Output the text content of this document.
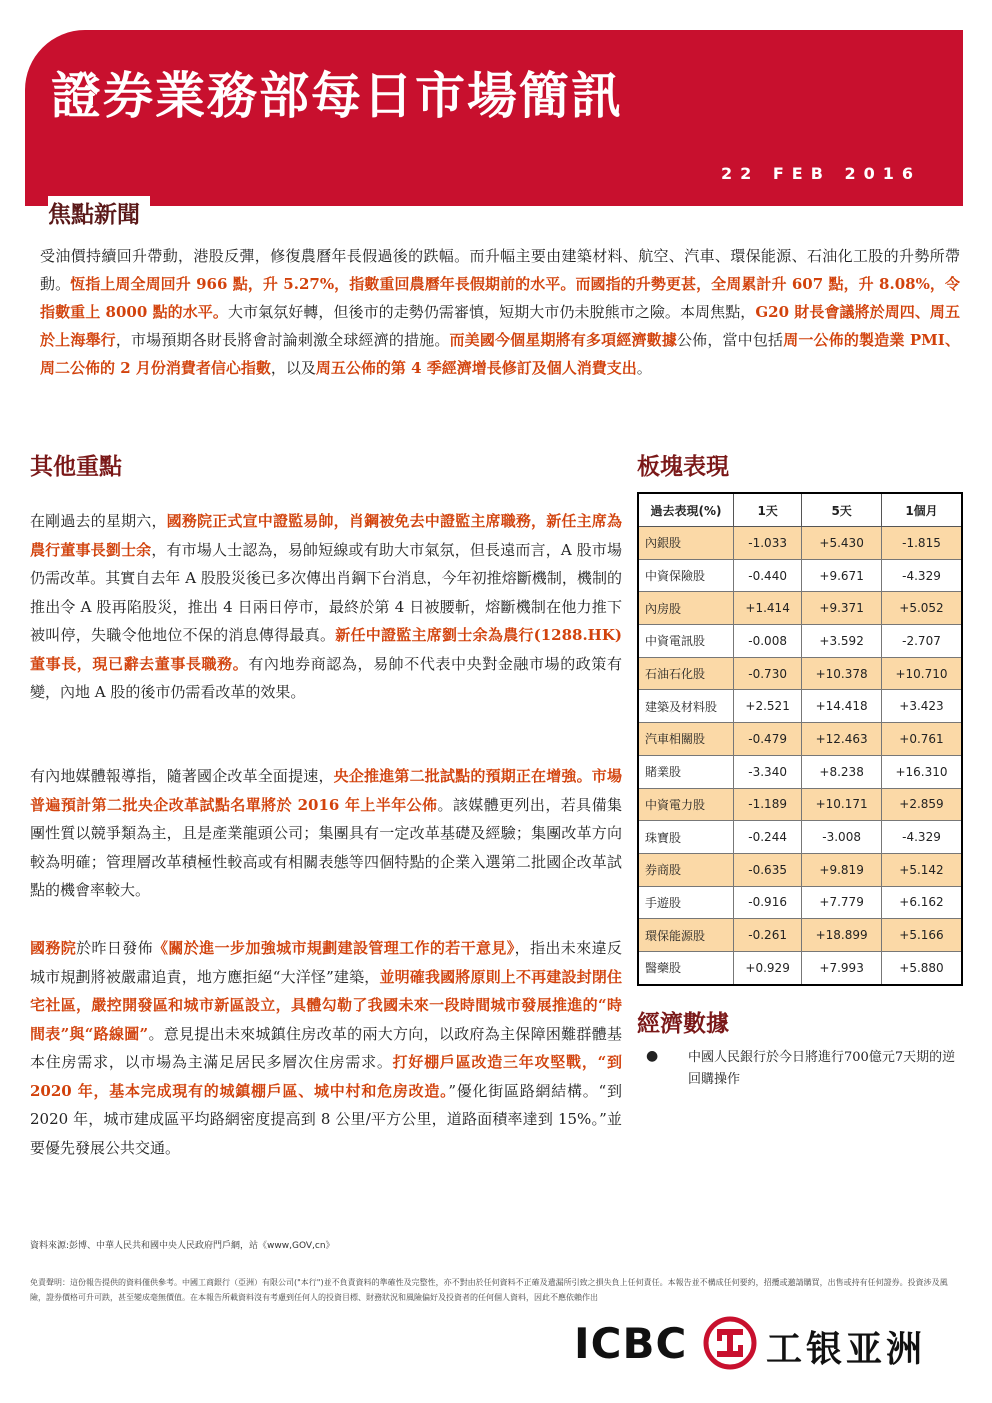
證券業務部每日市場簡訊
22 FEB 2016
焦點新聞

受油價持續回升帶動，港股反彈，修復農曆年長假過後的跌幅。而升幅主要由建築材料、航空、汽車、環保能源、石油化工股的升勢所帶動。恆指上周全周回升 966 點，升 5.27%，指數重回農曆年長假期前的水平。而國指的升勢更甚，全周累計升 607 點，升 8.08%，令指數重上 8000 點的水平。大市氣氛好轉，但後市的走勢仍需審慎，短期大市仍未脫熊市之險。本周焦點，G20 財長會議將於周四、周五於上海舉行，市場預期各財長將會討論刺激全球經濟的措施。而美國今個星期將有多項經濟數據公佈，當中包括周一公佈的製造業 PMI、周二公佈的 2 月份消費者信心指數，以及周五公佈的第 4 季經濟增長修訂及個人消費支出。

其他重點

在剛過去的星期六，國務院正式宣中證監易帥，肖鋼被免去中證監主席職務，新任主席為農行董事長劉士余，有市場人士認為，易帥短線或有助大市氣氛，但長遠而言，A 股市場仍需改革。其實自去年 A 股股災後已多次傳出肖鋼下台消息，今年初推熔斷機制，機制的推出令 A 股再陷股災，推出 4 日兩日停市，最終於第 4 日被腰斬，熔斷機制在他力推下被叫停，失職令他地位不保的消息傳得最真。新任中證監主席劉士余為農行(1288.HK)董事長，現已辭去董事長職務。有內地券商認為，易帥不代表中央對金融市場的政策有變，內地 A 股的後市仍需看改革的效果。

有內地媒體報導指，隨著國企改革全面提速，央企推進第二批試點的預期正在增強。市場普遍預計第二批央企改革試點名單將於 2016 年上半年公佈。該媒體更列出，若具備集團性質以競爭類為主，且是產業龍頭公司；集團具有一定改革基礎及經驗；集團改革方向較為明確；管理層改革積極性較高或有相關表態等四個特點的企業入選第二批國企改革試點的機會率較大。

國務院於昨日發佈《關於進一步加強城市規劃建設管理工作的若干意見》，指出未來違反城市規劃將被嚴肅追責，地方應拒絕“大洋怪”建築，並明確我國將原則上不再建設封閉住宅社區，嚴控開發區和城市新區設立，具體勾勒了我國未來一段時間城市發展推進的“時間表”與“路線圖”。意見提出未來城鎮住房改革的兩大方向，以政府為主保障困難群體基本住房需求，以市場為主滿足居民多層次住房需求。打好棚戶區改造三年攻堅戰，“到 2020 年，基本完成現有的城鎮棚戶區、城中村和危房改造。”優化街區路網結構。“到 2020 年，城市建成區平均路網密度提高到 8 公里/平方公里，道路面積率達到 15%。”並要優先發展公共交通。

板塊表現
過去表現(%)	1天	5天	1個月
內銀股	-1.033	+5.430	-1.815
中資保險股	-0.440	+9.671	-4.329
內房股	+1.414	+9.371	+5.052
中資電訊股	-0.008	+3.592	-2.707
石油石化股	-0.730	+10.378	+10.710
建築及材料股	+2.521	+14.418	+3.423
汽車相關股	-0.479	+12.463	+0.761
賭業股	-3.340	+8.238	+16.310
中資電力股	-1.189	+10.171	+2.859
珠寶股	-0.244	-3.008	-4.329
券商股	-0.635	+9.819	+5.142
手遊股	-0.916	+7.779	+6.162
環保能源股	-0.261	+18.899	+5.166
醫藥股	+0.929	+7.993	+5.880
經濟數據
● 中國人民銀行於今日將進行700億元7天期的逆回購操作

資料來源:彭博、中華人民共和國中央人民政府門戶網，站《www,GOV,cn》

免責聲明：這份報告提供的資料僅供參考。中國工商銀行（亞洲）有限公司("本行")並不負責資料的準確性及完整性，亦不對由於任何資料不正確及遺漏所引致之損失負上任何責任。本報告並不構成任何要約，招攬或邀請購買，出售或持有任何證券。投資涉及風險，證券價格可升可跌，甚至變成毫無價值。在本報告所載資料沒有考慮到任何人的投資目標、財務狀況和風險偏好及投資者的任何個人資料，因此不應依賴作出

ICBC 工银亚洲
